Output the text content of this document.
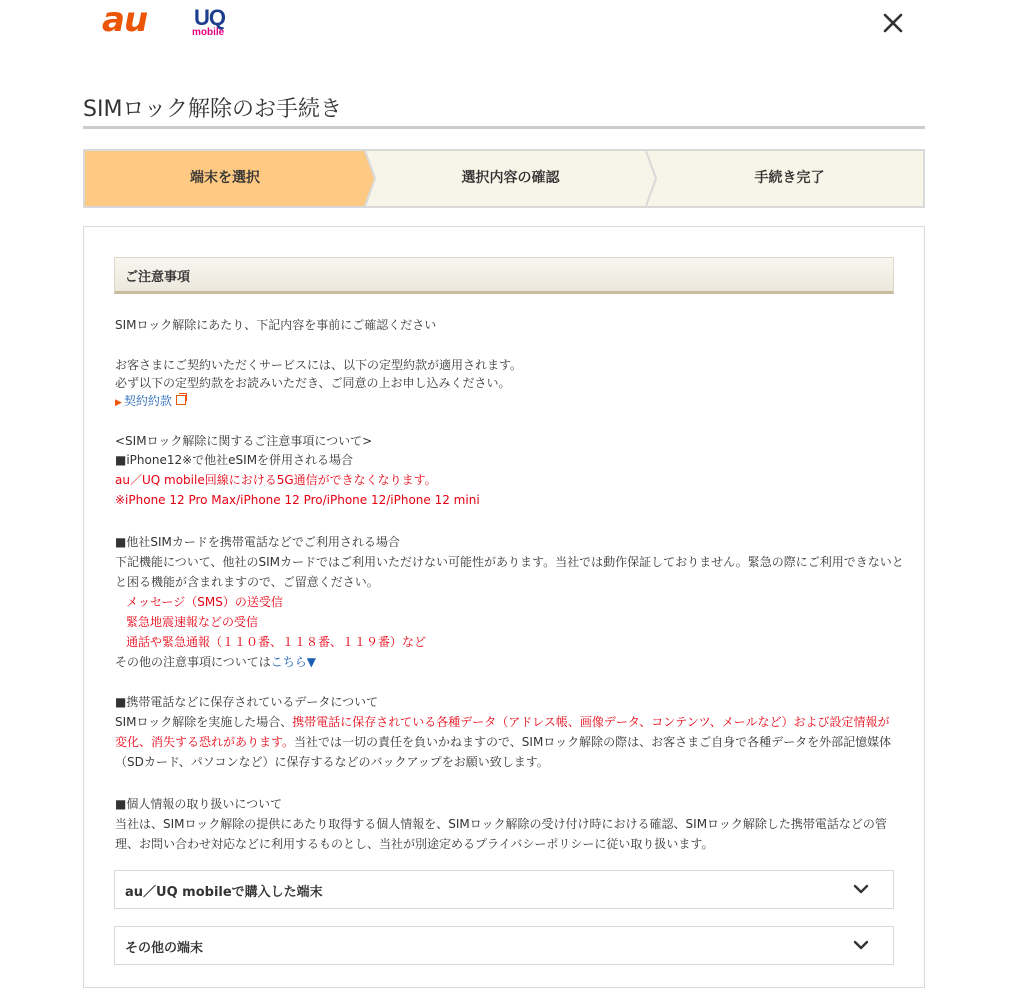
au UQ
mobile
SIMロック解除のお手続き
端末を選択	選択内容の確認	手続き完了
ご注意事項
SIMロック解除にあたり、下記内容を事前にご確認ください
お客さまにご契約いただくサービスには、以下の定型約款が適用されます。
必ず以下の定型約款をお読みいただき、ご同意の上お申し込みください。
▶ 契約約款
<SIMロック解除に関するご注意事項について>
■iPhone12※で他社eSIMを併用される場合
au／UQ mobile回線における5G通信ができなくなります。
※iPhone 12 Pro Max/iPhone 12 Pro/iPhone 12/iPhone 12 mini
■他社SIMカードを携帯電話などでご利用される場合
下記機能について、他社のSIMカードではご利用いただけない可能性があります。当社では動作保証しておりません。緊急の際にご利用できないと
と困る機能が含まれますので、ご留意ください。
メッセージ（SMS）の送受信
緊急地震速報などの受信
通話や緊急通報（１１０番、１１８番、１１９番）など
その他の注意事項についてはこちら▼
■携帯電話などに保存されているデータについて
SIMロック解除を実施した場合、携帯電話に保存されている各種データ（アドレス帳、画像データ、コンテンツ、メールなど）および設定情報が
変化、消失する恐れがあります。当社では一切の責任を負いかねますので、SIMロック解除の際は、お客さまご自身で各種データを外部記憶媒体
（SDカード、パソコンなど）に保存するなどのバックアップをお願い致します。
■個人情報の取り扱いについて
当社は、SIMロック解除の提供にあたり取得する個人情報を、SIMロック解除の受け付け時における確認、SIMロック解除した携帯電話などの管
理、お問い合わせ対応などに利用するものとし、当社が別途定めるプライバシーポリシーに従い取り扱います。
au／UQ mobileで購入した端末
その他の端末
